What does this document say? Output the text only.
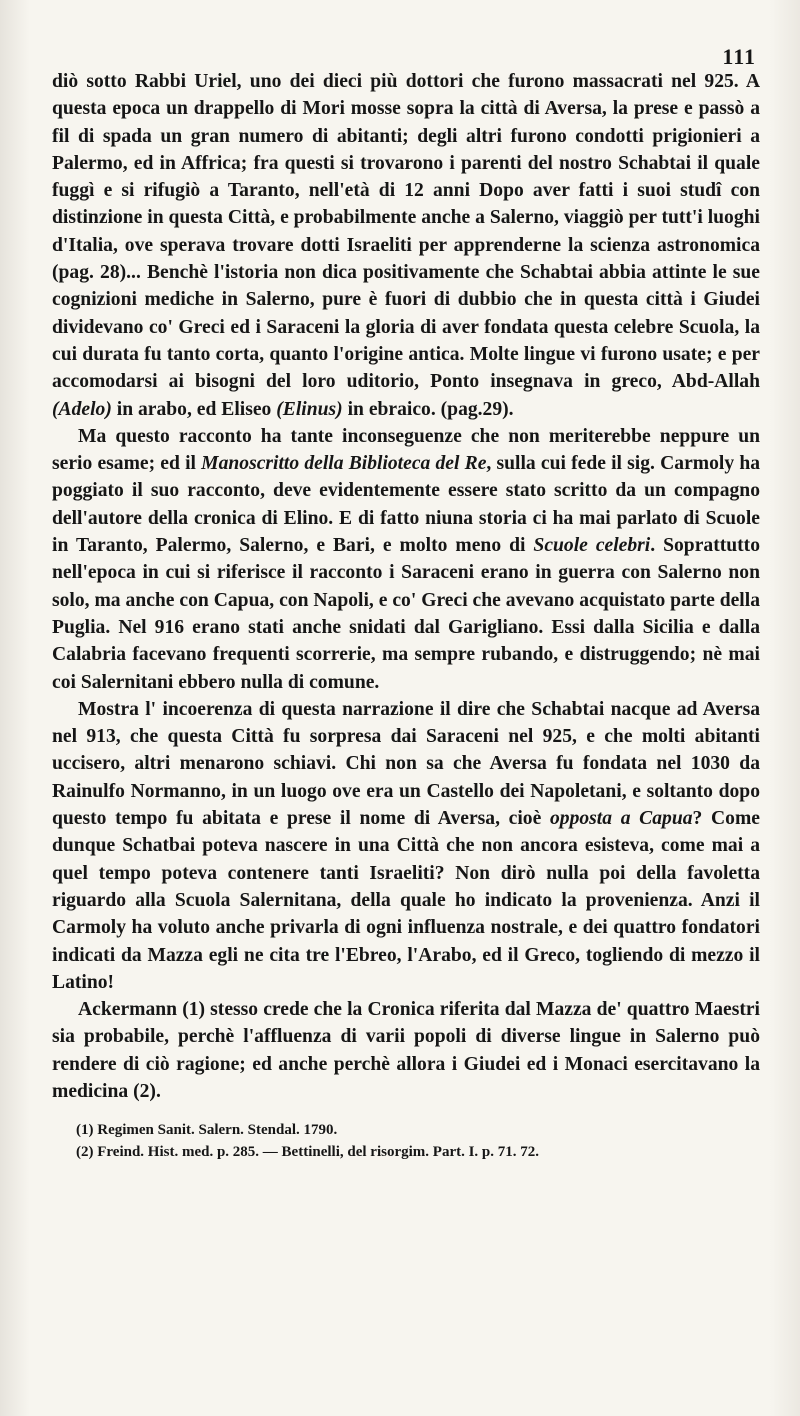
111

diò sotto Rabbi Uriel, uno dei dieci più dottori che furono massacrati nel 925. A questa epoca un drappello di Mori mosse sopra la città di Aversa, la prese e passò a fil di spada un gran numero di abitanti; degli altri furono condotti prigionieri a Palermo, ed in Affrica; fra questi si trovarono i parenti del nostro Schabtai il quale fuggì e si rifugiò a Taranto, nell'età di 12 anni Dopo aver fatti i suoi studî con distinzione in questa Città, e probabilmente anche a Salerno, viaggiò per tutt'i luoghi d'Italia, ove sperava trovare dotti Israeliti per apprenderne la scienza astronomica (pag. 28)... Benchè l'istoria non dica positivamente che Schabtai abbia attinte le sue cognizioni mediche in Salerno, pure è fuori di dubbio che in questa città i Giudei dividevano co' Greci ed i Saraceni la gloria di aver fondata questa celebre Scuola, la cui durata fu tanto corta, quanto l'origine antica. Molte lingue vi furono usate; e per accomodarsi ai bisogni del loro uditorio, Ponto insegnava in greco, Abd-Allah (Adelo) in arabo, ed Eliseo (Elinus) in ebraico. (pag.29).

Ma questo racconto ha tante inconseguenze che non meriterebbe neppure un serio esame; ed il Manoscritto della Biblioteca del Re, sulla cui fede il sig. Carmoly ha poggiato il suo racconto, deve evidentemente essere stato scritto da un compagno dell'autore della cronica di Elino. E di fatto niuna storia ci ha mai parlato di Scuole in Taranto, Palermo, Salerno, e Bari, e molto meno di Scuole celebri. Soprattutto nell'epoca in cui si riferisce il racconto i Saraceni erano in guerra con Salerno non solo, ma anche con Capua, con Napoli, e co' Greci che avevano acquistato parte della Puglia. Nel 916 erano stati anche snidati dal Garigliano. Essi dalla Sicilia e dalla Calabria facevano frequenti scorrerie, ma sempre rubando, e distruggendo; nè mai coi Salernitani ebbero nulla di comune.

Mostra l' incoerenza di questa narrazione il dire che Schabtai nacque ad Aversa nel 913, che questa Città fu sorpresa dai Saraceni nel 925, e che molti abitanti uccisero, altri menarono schiavi. Chi non sa che Aversa fu fondata nel 1030 da Rainulfo Normanno, in un luogo ove era un Castello dei Napoletani, e soltanto dopo questo tempo fu abitata e prese il nome di Aversa, cioè opposta a Capua? Come dunque Schatbai poteva nascere in una Città che non ancora esisteva, come mai a quel tempo poteva contenere tanti Israeliti? Non dirò nulla poi della favoletta riguardo alla Scuola Salernitana, della quale ho indicato la provenienza. Anzi il Carmoly ha voluto anche privarla di ogni influenza nostrale, e dei quattro fondatori indicati da Mazza egli ne cita tre l'Ebreo, l'Arabo, ed il Greco, togliendo di mezzo il Latino!

Ackermann (1) stesso crede che la Cronica riferita dal Mazza de' quattro Maestri sia probabile, perchè l'affluenza di varii popoli di diverse lingue in Salerno può rendere di ciò ragione; ed anche perchè allora i Giudei ed i Monaci esercitavano la medicina (2).

(1) Regimen Sanit. Salern. Stendal. 1790.
(2) Freind. Hist. med. p. 285. — Bettinelli, del risorgim. Part. I. p. 71. 72.
